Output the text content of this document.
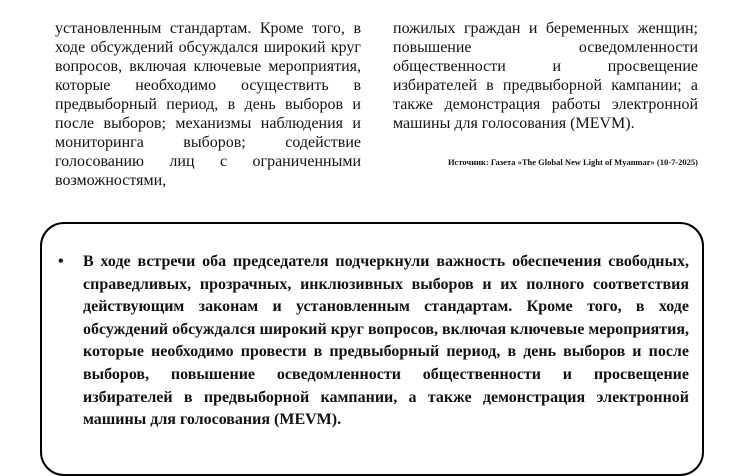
установленным стандартам. Кроме того, в ходе обсуждений обсуждался широкий круг вопросов, включая ключевые мероприятия, которые необходимо осуществить в предвыборный период, в день выборов и после выборов; механизмы наблюдения и мониторинга выборов; содействие голосованию лиц с ограниченными возможностями,
пожилых граждан и беременных женщин; повышение осведомленности общественности и просвещение избирателей в предвыборной кампании; а также демонстрация работы электронной машины для голосования (MEVM).
Источник: Газета «The Global New Light of Myanmar» (10-7-2025)
• В ходе встречи оба председателя подчеркнули важность обеспечения свободных, справедливых, прозрачных, инклюзивных выборов и их полного соответствия действующим законам и установленным стандартам. Кроме того, в ходе обсуждений обсуждался широкий круг вопросов, включая ключевые мероприятия, которые необходимо провести в предвыборный период, в день выборов и после выборов, повышение осведомленности общественности и просвещение избирателей в предвыборной кампании, а также демонстрация электронной машины для голосования (MEVM).
